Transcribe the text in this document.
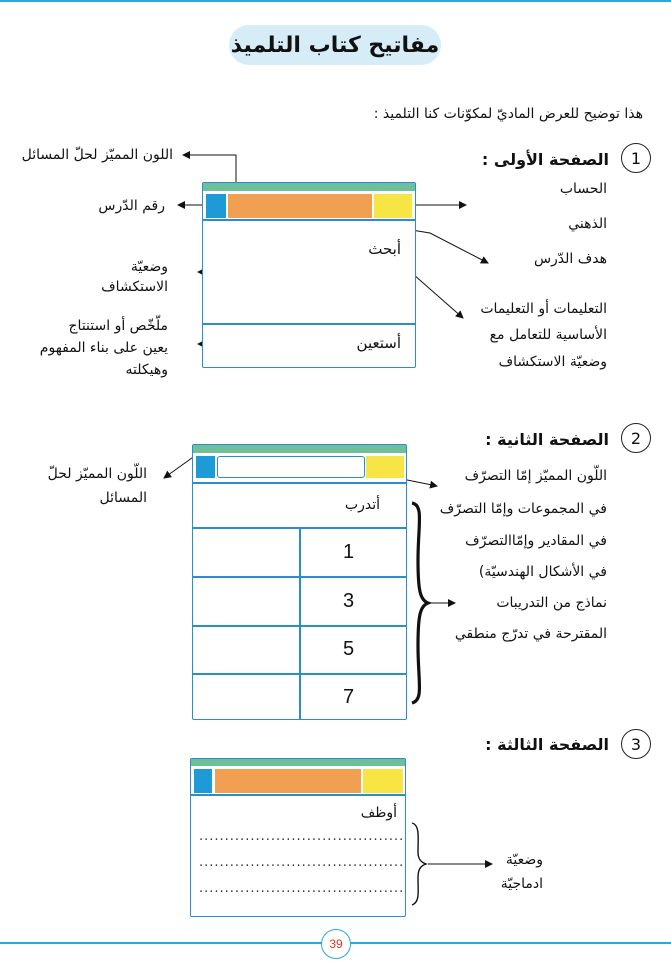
مفاتيح كتاب التلميذ
هذا توضيح للعرض الماديّ لمكوّنات كنا التلميذ :
1
الصفحة الأولى :
اللون المميّز لحلّ المسائل
رقم الدّرس
الحساب
الذهني
هدف الدّرس
وضعيّة
الاستكشاف
ملّخّص أو استنتاج
يعين على بناء المفهوم
وهيكلته
التعليمات أو التعليمات
الأساسية للتعامل مع
وضعيّة الاستكشاف
أبحث
أستعين
2
الصفحة الثانية :
اللّون المميّز لحلّ
المسائل
اللّون المميّز إمّا التصرّف
في المجموعات وإمّا التصرّف
في المقادير وإمّاالتصرّف
في الأشكال الهندسيّة)
نماذج من التدريبات
المقترحة في تدرّج منطقي
أتدرب
1
3
5
7
3
الصفحة الثالثة :
أوظف
........................................
........................................
........................................
وضعيّة
ادماجيّة
39
